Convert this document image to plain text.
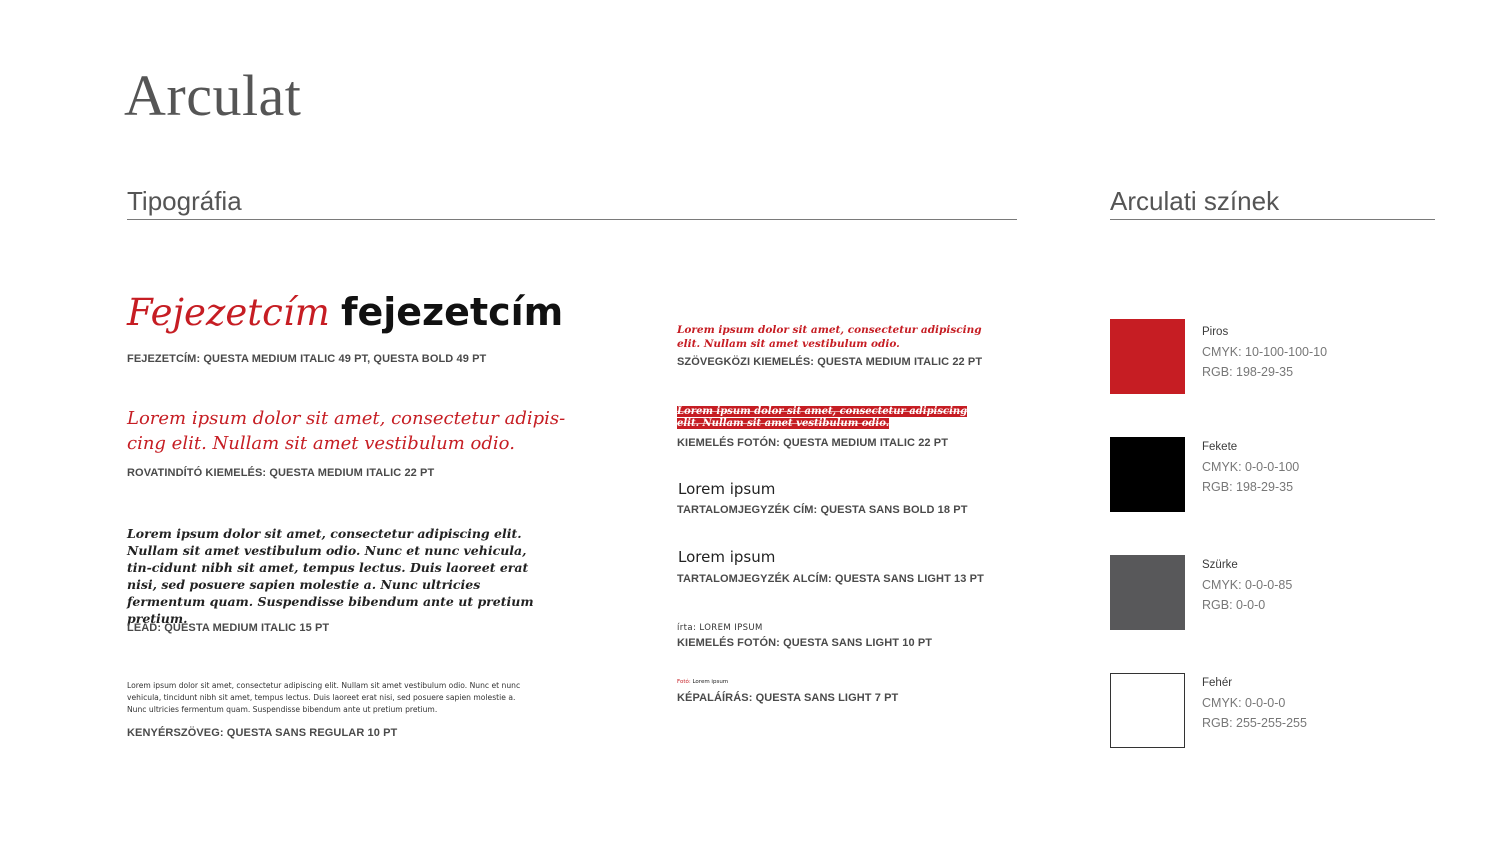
Arculat
Tipográfia	Arculati színek
Fejezetcím fejezetcím
FEJEZETCÍM: QUESTA MEDIUM ITALIC 49 PT, QUESTA BOLD 49 PT
Lorem ipsum dolor sit amet, consectetur adipis-cing elit. Nullam sit amet vestibulum odio.
ROVATINDÍTÓ KIEMELÉS: QUESTA MEDIUM ITALIC 22 PT
Lorem ipsum dolor sit amet, consectetur adipiscing elit. Nullam sit amet vestibulum odio. Nunc et nunc vehicula, tin-cidunt nibh sit amet, tempus lectus. Duis laoreet erat nisi, sed posuere sapien molestie a. Nunc ultricies fermentum quam. Suspendisse bibendum ante ut pretium pretium.
LEAD: QUESTA MEDIUM ITALIC 15 PT
Lorem ipsum dolor sit amet, consectetur adipiscing elit. Nullam sit amet vestibulum odio. Nunc et nunc vehicula, tincidunt nibh sit amet, tempus lectus. Duis laoreet erat nisi, sed posuere sapien molestie a. Nunc ultricies fermentum quam. Suspendisse bibendum ante ut pretium pretium.
KENYÉRSZÖVEG: QUESTA SANS REGULAR 10 PT
Lorem ipsum dolor sit amet, consectetur adipiscing elit. Nullam sit amet vestibulum odio.
SZÖVEGKÖZI KIEMELÉS: QUESTA MEDIUM ITALIC 22 PT
Lorem ipsum dolor sit amet, consectetur adipiscing elit. Nullam sit amet vestibulum odio.
KIEMELÉS FOTÓN: QUESTA MEDIUM ITALIC 22 PT
Lorem ipsum
TARTALOMJEGYZÉK CÍM: QUESTA SANS BOLD 18 PT
Lorem ipsum
TARTALOMJEGYZÉK ALCÍM: QUESTA SANS LIGHT 13 PT
írta: LOREM IPSUM
KIEMELÉS FOTÓN: QUESTA SANS LIGHT 10 PT
Fotó: Lorem ipsum
KÉPALÁÍRÁS: QUESTA SANS LIGHT 7 PT
Piros
CMYK: 10-100-100-10
RGB: 198-29-35
Fekete
CMYK: 0-0-0-100
RGB: 198-29-35
Szürke
CMYK: 0-0-0-85
RGB: 0-0-0
Fehér
CMYK: 0-0-0-0
RGB: 255-255-255
